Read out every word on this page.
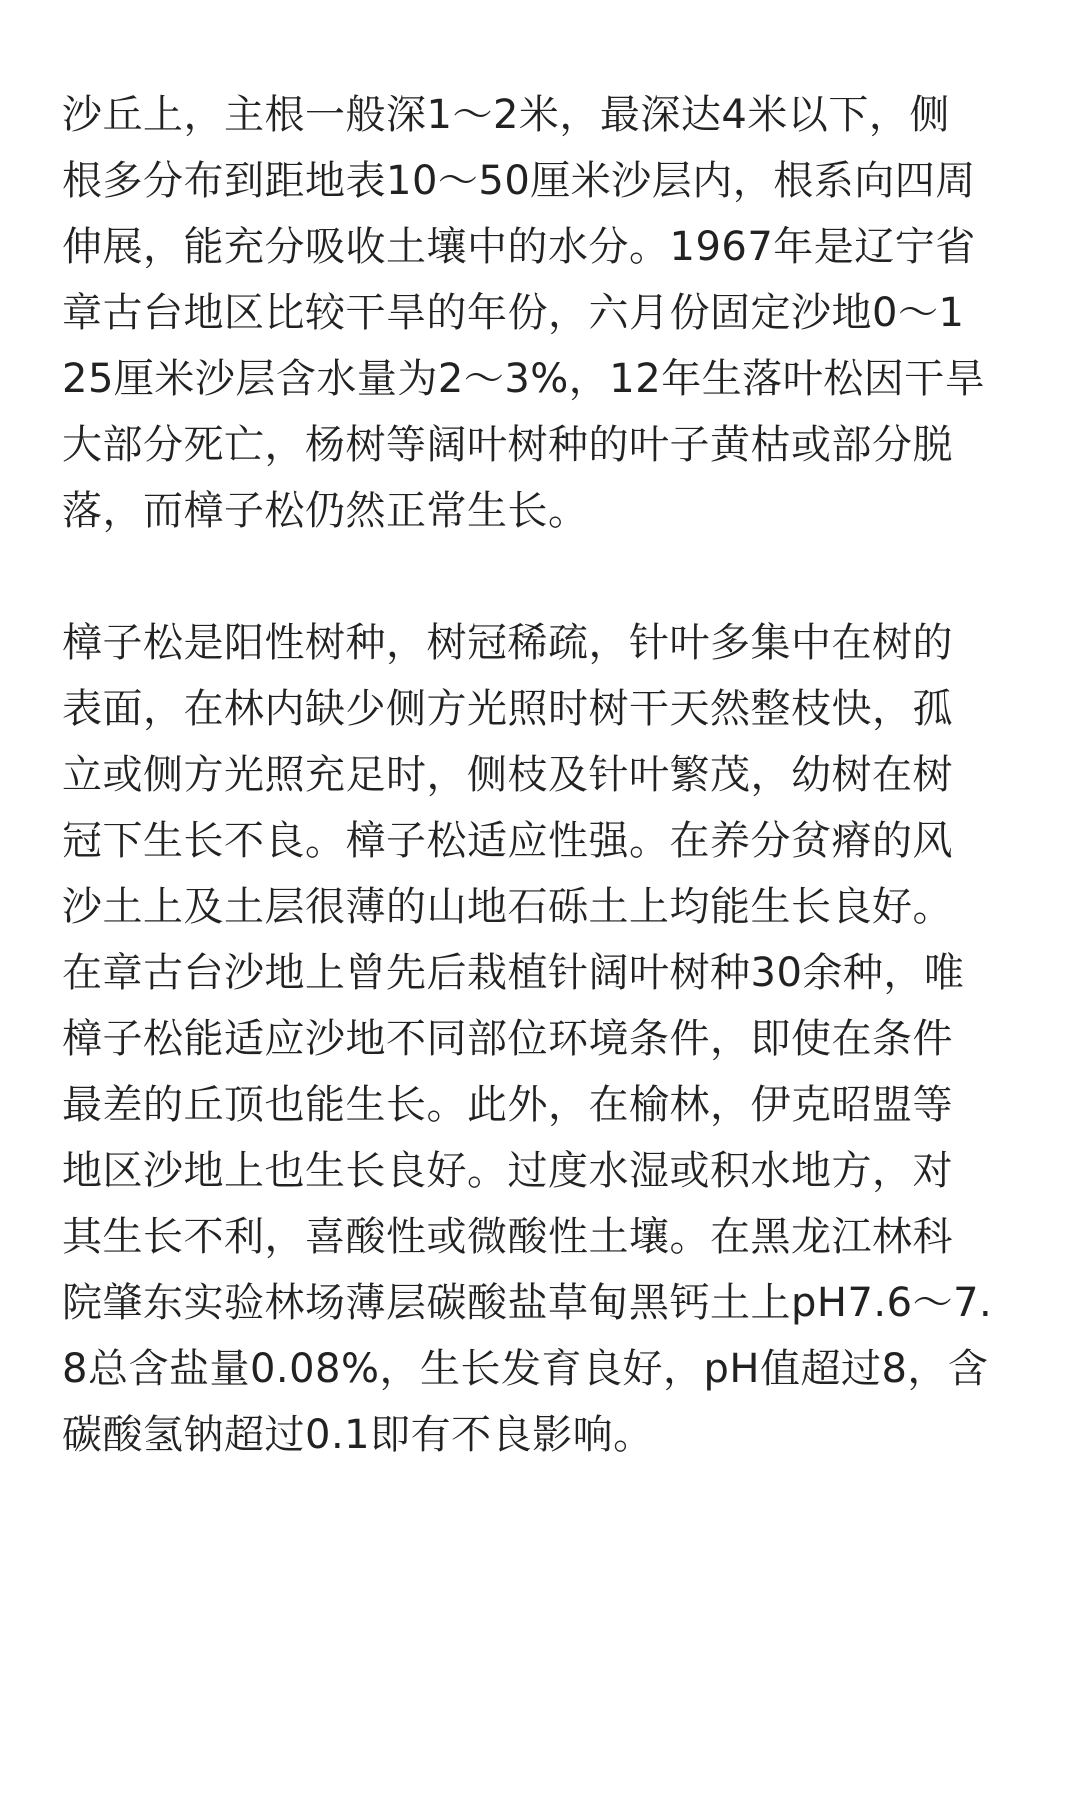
沙丘上，主根一般深1～2米，最深达4米以下，侧
根多分布到距地表10～50厘米沙层内，根系向四周
伸展，能充分吸收土壤中的水分。1967年是辽宁省
章古台地区比较干旱的年份，六月份固定沙地0～1
25厘米沙层含水量为2～3%，12年生落叶松因干旱
大部分死亡，杨树等阔叶树种的叶子黄枯或部分脱
落，而樟子松仍然正常生长。
樟子松是阳性树种，树冠稀疏，针叶多集中在树的
表面，在林内缺少侧方光照时树干天然整枝快，孤
立或侧方光照充足时，侧枝及针叶繁茂，幼树在树
冠下生长不良。樟子松适应性强。在养分贫瘠的风
沙土上及土层很薄的山地石砾土上均能生长良好。
在章古台沙地上曾先后栽植针阔叶树种30余种，唯
樟子松能适应沙地不同部位环境条件，即使在条件
最差的丘顶也能生长。此外，在榆林，伊克昭盟等
地区沙地上也生长良好。过度水湿或积水地方，对
其生长不利，喜酸性或微酸性土壤。在黑龙江林科
院肇东实验林场薄层碳酸盐草甸黑钙土上pH7.6～7.
8总含盐量0.08%，生长发育良好，pH值超过8，含
碳酸氢钠超过0.1即有不良影响。
